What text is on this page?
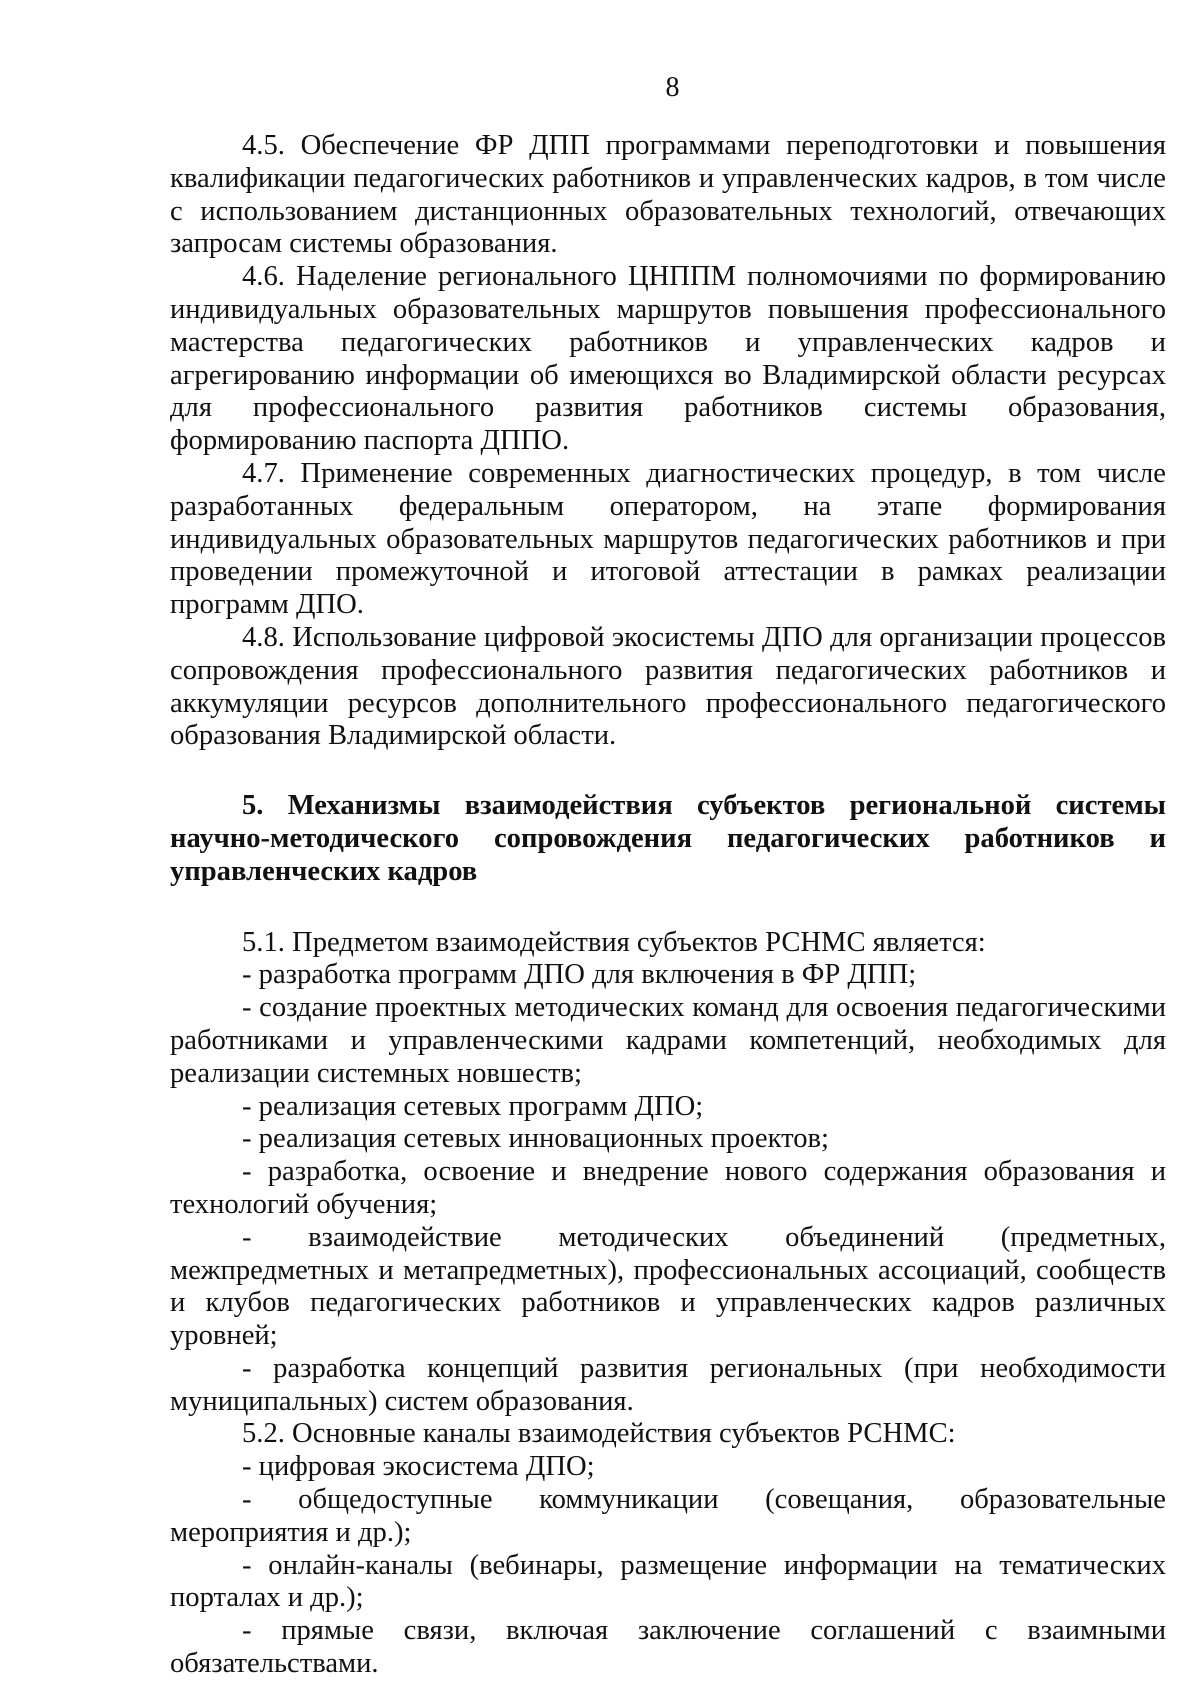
8

4.5. Обеспечение ФР ДПП программами переподготовки и повышения квалификации педагогических работников и управленческих кадров, в том числе с использованием дистанционных образовательных технологий, отвечающих запросам системы образования.

4.6. Наделение регионального ЦНППМ полномочиями по формированию индивидуальных образовательных маршрутов повышения профессионального мастерства педагогических работников и управленческих кадров и агрегированию информации об имеющихся во Владимирской области ресурсах для профессионального развития работников системы образования, формированию паспорта ДППО.

4.7. Применение современных диагностических процедур, в том числе разработанных федеральным оператором, на этапе формирования индивидуальных образовательных маршрутов педагогических работников и при проведении промежуточной и итоговой аттестации в рамках реализации программ ДПО.

4.8. Использование цифровой экосистемы ДПО для организации процессов сопровождения профессионального развития педагогических работников и аккумуляции ресурсов дополнительного профессионального педагогического образования Владимирской области.

5. Механизмы взаимодействия субъектов региональной системы научно-методического сопровождения педагогических работников и управленческих кадров

5.1. Предметом взаимодействия субъектов РСНМС является:

- разработка программ ДПО для включения в ФР ДПП;

- создание проектных методических команд для освоения педагогическими работниками и управленческими кадрами компетенций, необходимых для реализации системных новшеств;

- реализация сетевых программ ДПО;

- реализация сетевых инновационных проектов;

- разработка, освоение и внедрение нового содержания образования и технологий обучения;

- взаимодействие методических объединений (предметных, межпредметных и метапредметных), профессиональных ассоциаций, сообществ и клубов педагогических работников и управленческих кадров различных уровней;

- разработка концепций развития региональных (при необходимости муниципальных) систем образования.

5.2. Основные каналы взаимодействия субъектов РСНМС:

- цифровая экосистема ДПО;

- общедоступные коммуникации (совещания, образовательные мероприятия и др.);

- онлайн-каналы (вебинары, размещение информации на тематических порталах и др.);

- прямые связи, включая заключение соглашений с взаимными обязательствами.
